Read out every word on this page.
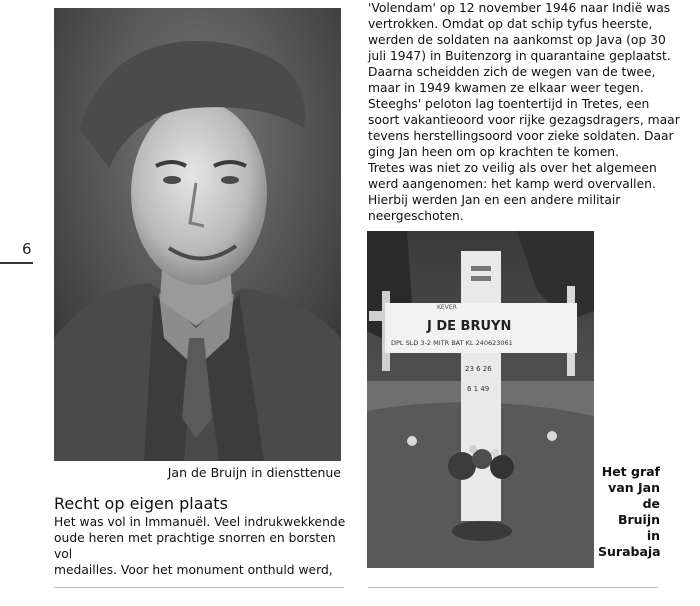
6
Jan de Bruijn in diensttenue
Recht op eigen plaats
Het was vol in Immanuël. Veel indrukwekkende
oude heren met prachtige snorren en borsten vol
medailles. Voor het monument onthuld werd,
'Volendam' op 12 november 1946 naar Indië was
vertrokken. Omdat op dat schip tyfus heerste,
werden de soldaten na aankomst op Java (op 30
juli 1947) in Buitenzorg in quarantaine geplaatst.
Daarna scheidden zich de wegen van de twee,
maar in 1949 kwamen ze elkaar weer tegen.
Steeghs' peloton lag toentertijd in Tretes, een
soort vakantieoord voor rijke gezagsdragers, maar
tevens herstellingsoord voor zieke soldaten. Daar
ging Jan heen om op krachten te komen.
Tretes was niet zo veilig als over het algemeen
werd aangenomen: het kamp werd overvallen.
Hierbij werden Jan en een andere militair
neergeschoten.
KEVER
J DE BRUYN
DPL SLD 3-2 MITR BAT KL 240623061
23 6 26
6 1 49
Het graf
van Jan
de Bruijn
in
Surabaja
